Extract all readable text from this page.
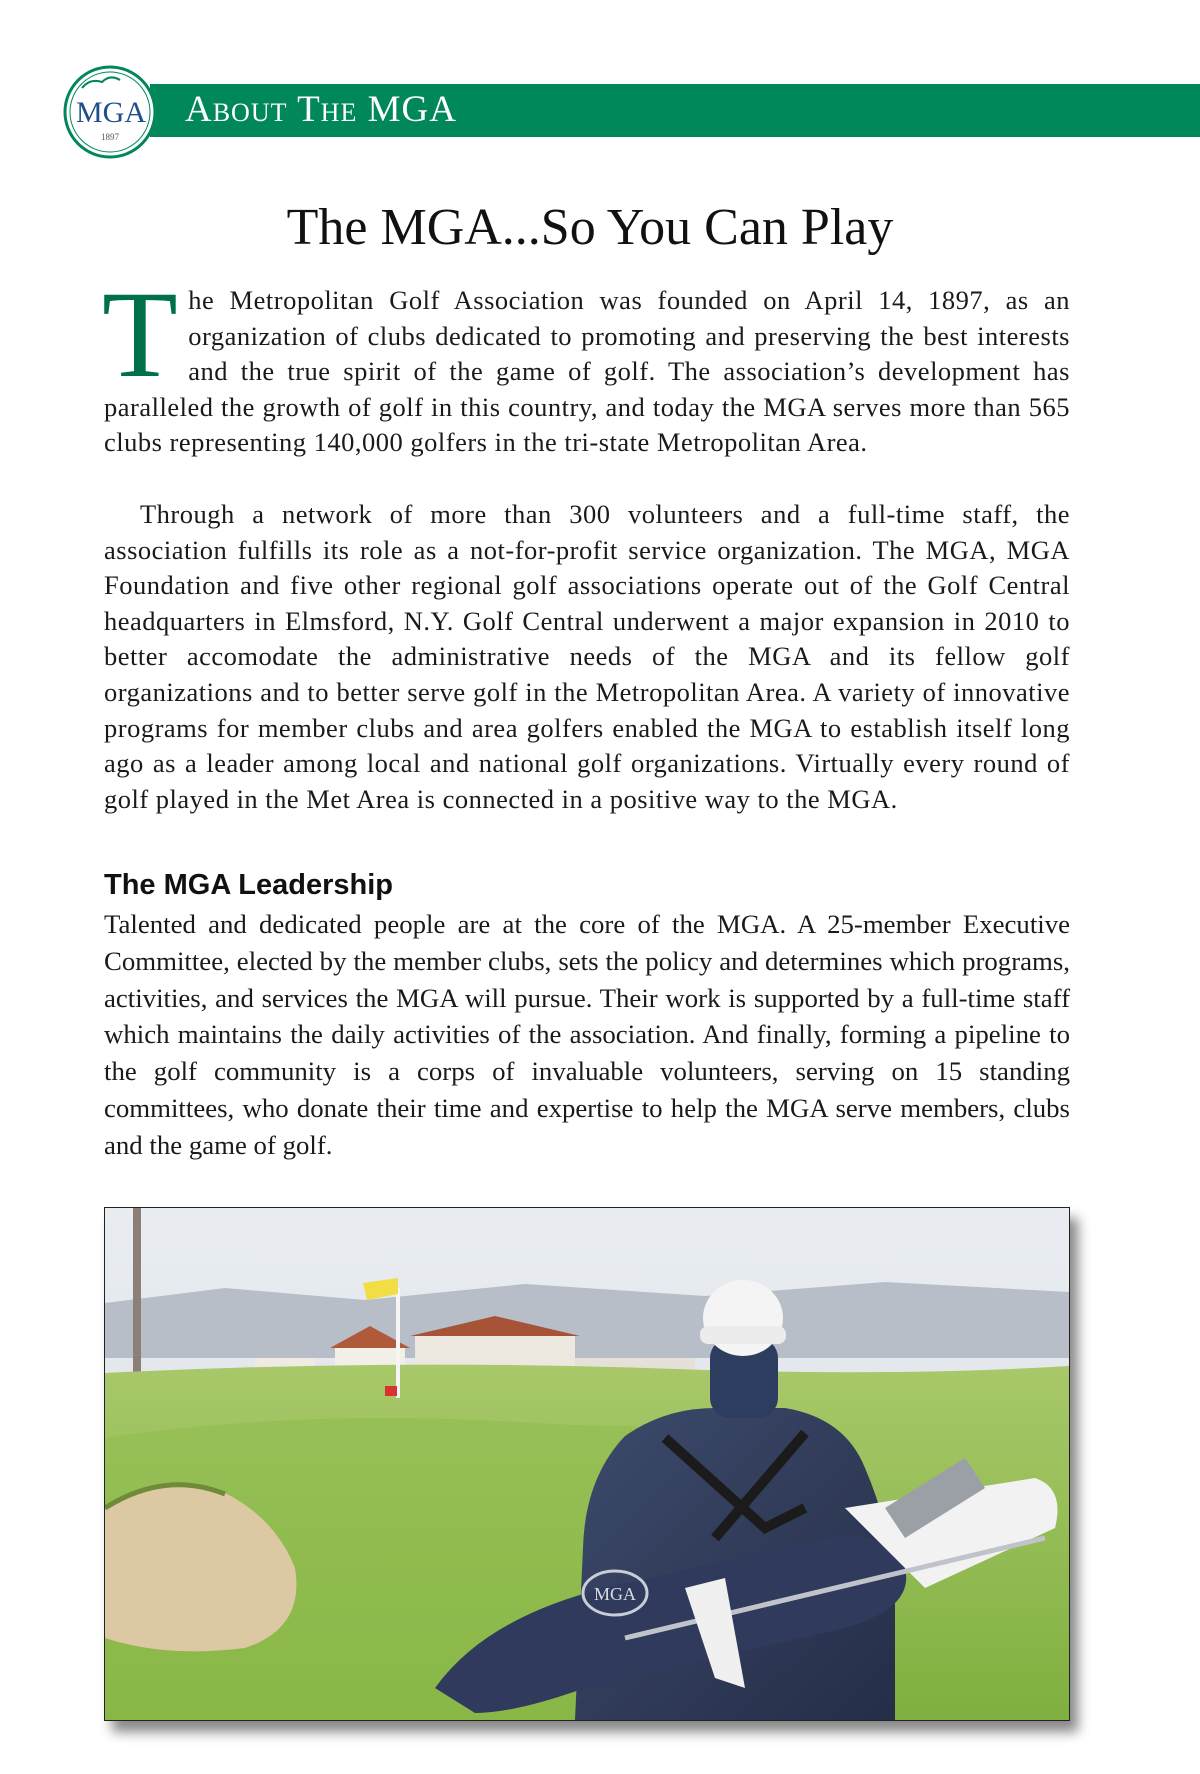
About The MGA
MGA
1897
The MGA...So You Can Play
The Metropolitan Golf Association was founded on April 14, 1897, as an organization of clubs dedicated to promoting and preserving the best interests and the true spirit of the game of golf. The association’s development has paralleled the growth of golf in this country, and today the MGA serves more than 565 clubs representing 140,000 golfers in the tri-state Metropolitan Area.
Through a network of more than 300 volunteers and a full-time staff, the association fulfills its role as a not-for-profit service organization. The MGA, MGA Foundation and five other regional golf associations operate out of the Golf Central headquarters in Elmsford, N.Y. Golf Central underwent a major expansion in 2010 to better accomodate the administrative needs of the MGA and its fellow golf organizations and to better serve golf in the Metropolitan Area. A variety of innovative programs for member clubs and area golfers enabled the MGA to establish itself long ago as a leader among local and national golf organizations. Virtually every round of golf played in the Met Area is connected in a positive way to the MGA.
The MGA Leadership
Talented and dedicated people are at the core of the MGA. A 25-member Executive Committee, elected by the member clubs, sets the policy and determines which programs, activities, and services the MGA will pursue. Their work is supported by a full-time staff which maintains the daily activities of the association. And finally, forming a pipeline to the golf community is a corps of invaluable volunteers, serving on 15 standing committees, who donate their time and expertise to help the MGA serve members, clubs and the game of golf.
MGA
